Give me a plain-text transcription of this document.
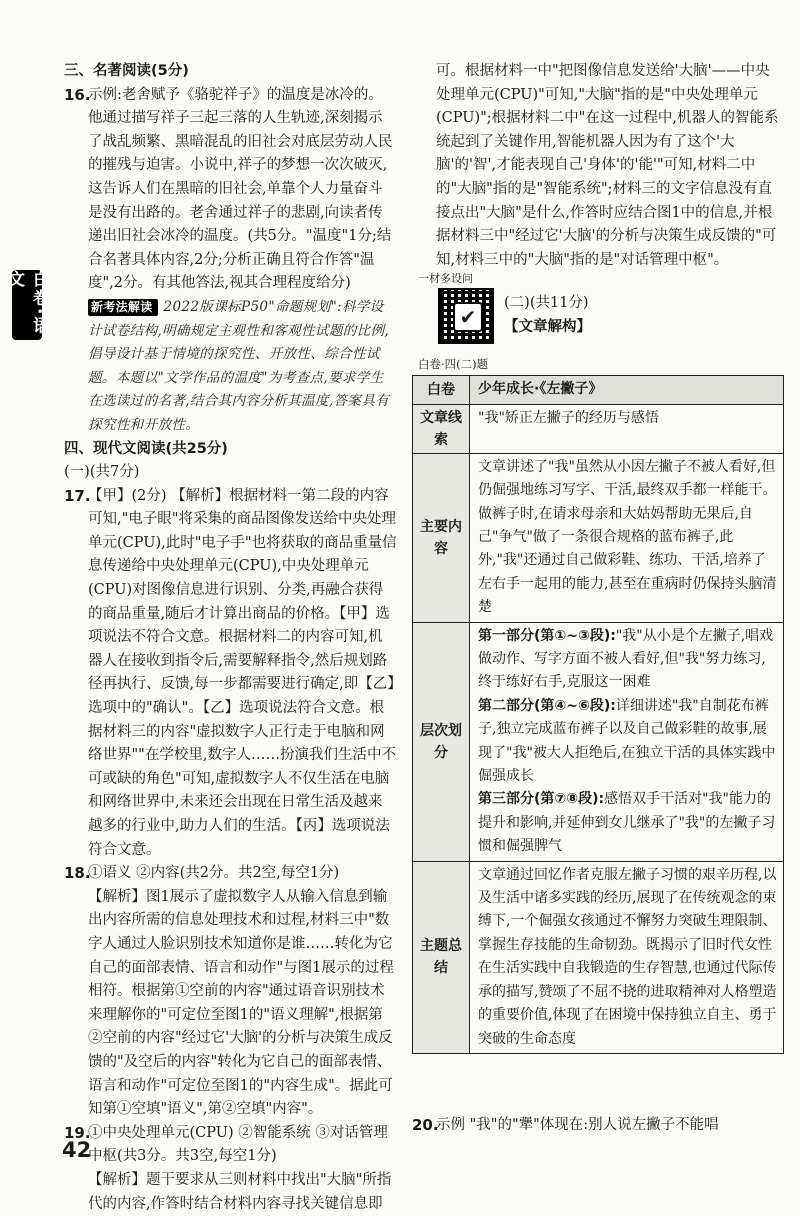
白卷·语文
三、名著阅读(5分)
16.
示例:老舍赋予《骆驼祥子》的温度是冰冷的。他通过描写祥子三起三落的人生轨迹,深刻揭示了战乱频繁、黑暗混乱的旧社会对底层劳动人民的摧残与迫害。小说中,祥子的梦想一次次破灭,这告诉人们在黑暗的旧社会,单靠个人力量奋斗是没有出路的。老舍通过祥子的悲剧,向读者传递出旧社会冰冷的温度。(共5分。"温度"1分;结合名著具体内容,2分;分析正确且符合作答"温度",2分。有其他答法,视其合理程度给分)
新考法解读 2022版课标P50"命题规划":科学设计试卷结构,明确规定主观性和客观性试题的比例,倡导设计基于情境的探究性、开放性、综合性试题。本题以"文学作品的温度"为考查点,要求学生在选读过的名著,结合其内容分析其温度,答案具有探究性和开放性。
四、现代文阅读(共25分)
(一)(共7分)
17.
【甲】(2分) 【解析】根据材料一第二段的内容可知,"电子眼"将采集的商品图像发送给中央处理单元(CPU),此时"电子手"也将获取的商品重量信息传递给中央处理单元(CPU),中央处理单元(CPU)对图像信息进行识别、分类,再融合获得的商品重量,随后才计算出商品的价格。【甲】选项说法不符合文意。根据材料二的内容可知,机器人在接收到指令后,需要解释指令,然后规划路径再执行、反馈,每一步都需要进行确定,即【乙】选项中的"确认"。【乙】选项说法符合文意。根据材料三的内容"虚拟数字人正行走于电脑和网络世界""在学校里,数字人……扮演我们生活中不可或缺的角色"可知,虚拟数字人不仅生活在电脑和网络世界中,未来还会出现在日常生活及越来越多的行业中,助力人们的生活。【丙】选项说法符合文意。
18.
①语义 ②内容(共2分。共2空,每空1分)
【解析】图1展示了虚拟数字人从输入信息到输出内容所需的信息处理技术和过程,材料三中"数字人通过人脸识别技术知道你是谁……转化为它自己的面部表情、语言和动作"与图1展示的过程相符。根据第①空前的内容"通过语音识别技术来理解你的"可定位至图1的"语义理解",根据第②空前的内容"经过它'大脑'的分析与决策生成反馈的"及空后的内容"转化为它自己的面部表情、语言和动作"可定位至图1的"内容生成"。据此可知第①空填"语义",第②空填"内容"。
19.
①中央处理单元(CPU) ②智能系统 ③对话管理中枢(共3分。共3空,每空1分)
【解析】题干要求从三则材料中找出"大脑"所指代的内容,作答时结合材料内容寻找关键信息即
可。根据材料一中"把图像信息发送给'大脑'——中央处理单元(CPU)"可知,"大脑"指的是"中央处理单元(CPU)";根据材料二中"在这一过程中,机器人的智能系统起到了关键作用,智能机器人因为有了这个'大脑'的'智',才能表现自己'身体'的'能'"可知,材料二中的"大脑"指的是"智能系统";材料三的文字信息没有直接点出"大脑"是什么,作答时应结合图1中的信息,并根据材料三中"经过它'大脑'的分析与决策生成反馈的"可知,材料三中的"大脑"指的是"对话管理中枢"。
一材多设问
✔
(二)(共11分)
【文章解构】
白卷·四(二)题
白卷	少年成长·《左撇子》
文章线索	"我"矫正左撇子的经历与感悟
主要内容	文章讲述了"我"虽然从小因左撇子不被人看好,但仍倔强地练习写字、干活,最终双手都一样能干。做裤子时,在请求母亲和大姑妈帮助无果后,自己"争气"做了一条很合规格的蓝布裤子,此外,"我"还通过自己做彩鞋、练功、干活,培养了左右手一起用的能力,甚至在重病时仍保持头脑清楚
层次划分	第一部分(第①~③段):"我"从小是个左撇子,唱戏做动作、写字方面不被人看好,但"我"努力练习,终于练好右手,克服这一困难
第二部分(第④~⑥段):详细讲述"我"自制花布裤子,独立完成蓝布裤子以及自己做彩鞋的故事,展现了"我"被大人拒绝后,在独立干活的具体实践中倔强成长
第三部分(第⑦⑧段):感悟双手干活对"我"能力的提升和影响,并延伸到女儿继承了"我"的左撇子习惯和倔强脾气

主题总结	文章通过回忆作者克服左撇子习惯的艰辛历程,以及生活中诸多实践的经历,展现了在传统观念的束缚下,一个倔强女孩通过不懈努力突破生理限制、掌握生存技能的生命韧劲。既揭示了旧时代女性在生活实践中自我锻造的生存智慧,也通过代际传承的描写,赞颂了不屈不挠的进取精神对人格塑造的重要价值,体现了在困境中保持独立自主、勇于突破的生命态度
20.
示例 "我"的"犟"体现在:别人说左撇子不能唱
42
